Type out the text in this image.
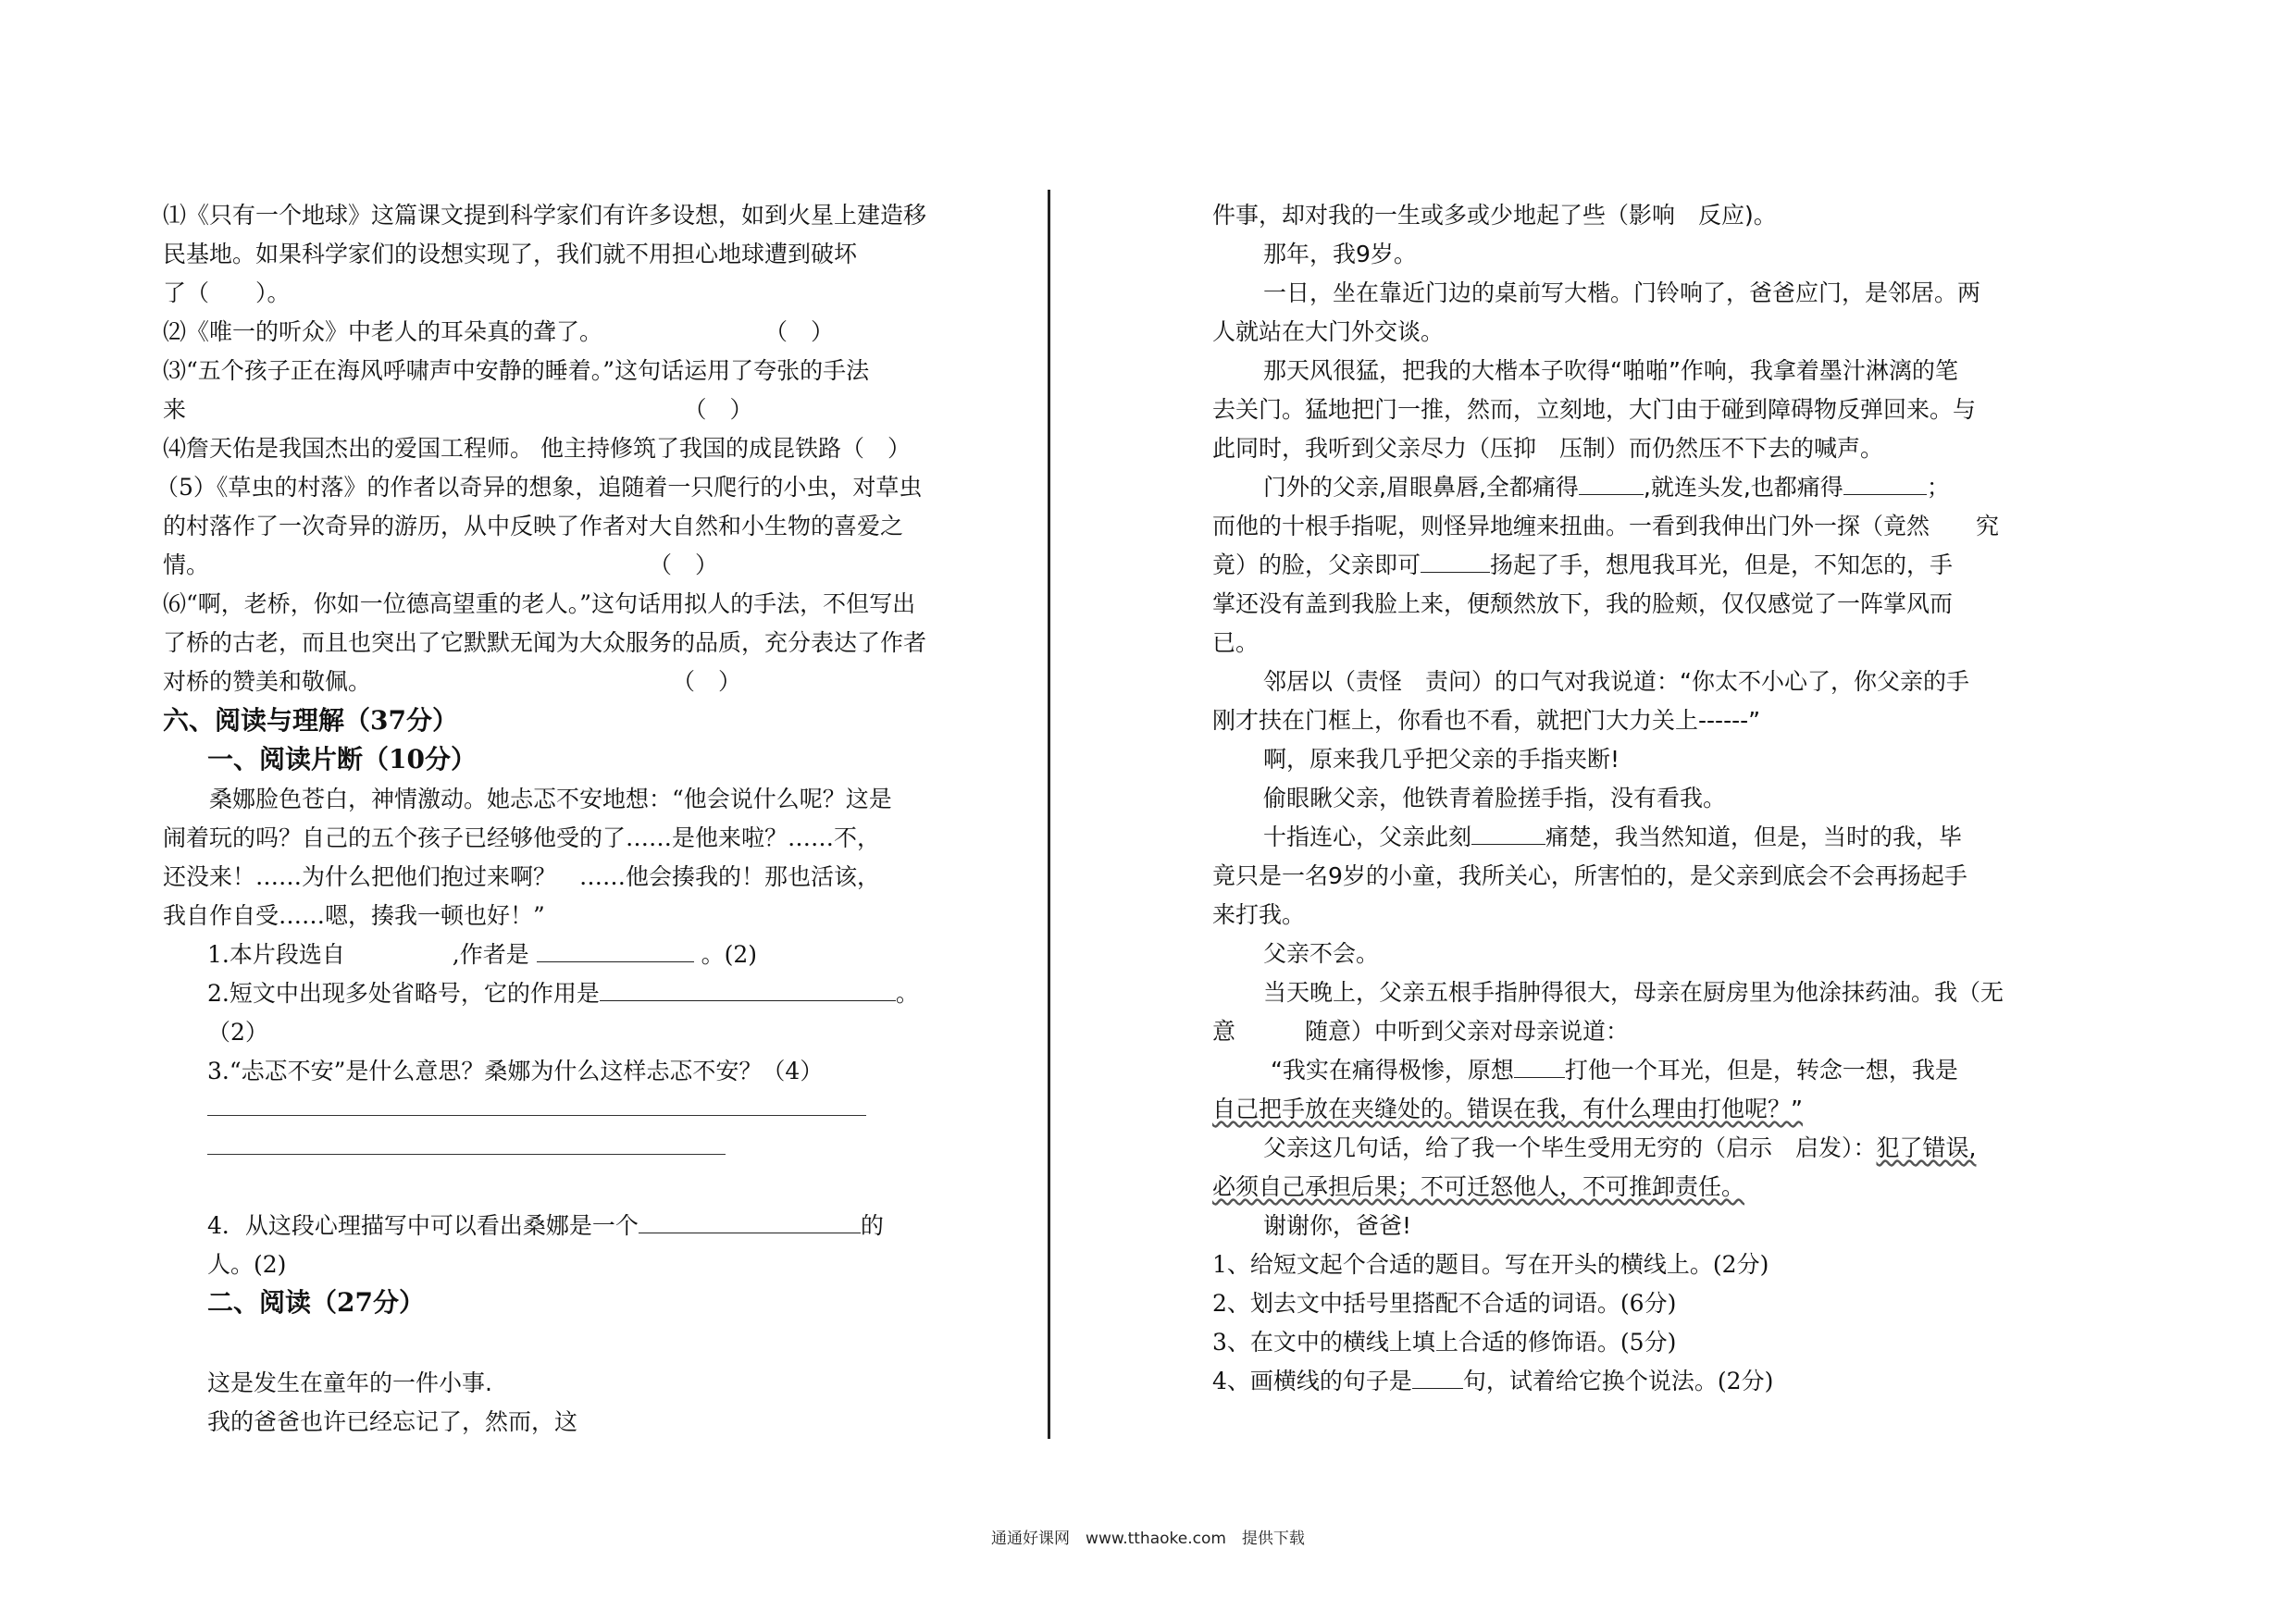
⑴《只有一个地球》这篇课文提到科学家们有许多设想，如到火星上建造移
民基地。如果科学家们的设想实现了，我们就不用担心地球遭到破坏
了（　　）。
⑵《唯一的听众》中老人的耳朵真的聋了。　　　　　　　　（　）
⑶“五个孩子正在海风呼啸声中安静的睡着。”这句话运用了夸张的手法
来　　　　　　　　　　　　　　　　　　　　　　（　）
⑷詹天佑是我国杰出的爱国工程师。 他主持修筑了我国的成昆铁路（　）
（5）《草虫的村落》的作者以奇异的想象，追随着一只爬行的小虫，对草虫
的村落作了一次奇异的游历，从中反映了作者对大自然和小生物的喜爱之
情。　　　　　　　　　　　　　　　　　　　　（　）
⑹“啊，老桥，你如一位德高望重的老人。”这句话用拟人的手法，不但写出
了桥的古老，而且也突出了它默默无闻为大众服务的品质，充分表达了作者
对桥的赞美和敬佩。　　　　　　　　　　　　　　（　）
六、阅读与理解（37分）
一、阅读片断（10分）
　　桑娜脸色苍白，神情激动。她忐忑不安地想：“他会说什么呢？这是
闹着玩的吗？自己的五个孩子已经够他受的了……是他来啦？……不，
还没来！……为什么把他们抱过来啊？　……他会揍我的！那也活该，
我自作自受……嗯，揍我一顿也好！”
1.本片段选自	,作者是	。(2)
2.短文中出现多处省略号，它的作用是	。
（2）
3.“忐忑不安”是什么意思？桑娜为什么这样忐忑不安？（4）
4．从这段心理描写中可以看出桑娜是一个	的
人。(2)
二、阅读（27分）
这是发生在童年的一件小事.
我的爸爸也许已经忘记了，然而，这
件事，却对我的一生或多或少地起了些（影响　反应)。
　那年，我9岁。
　一日，坐在靠近门边的桌前写大楷。门铃响了，爸爸应门，是邻居。两
人就站在大门外交谈。
　那天风很猛，把我的大楷本子吹得“啪啪”作响，我拿着墨汁淋漓的笔
去关门。猛地把门一推，然而，立刻地，大门由于碰到障碍物反弹回来。与
此同时，我听到父亲尽力（压抑　压制）而仍然压不下去的喊声。
　门外的父亲,眉眼鼻唇,全都痛得	,就连头发,也都痛得	；
而他的十根手指呢，则怪异地缠来扭曲。一看到我伸出门外一探（竟然　　究
竟）的脸，父亲即可	扬起了手，想甩我耳光，但是，不知怎的，手
掌还没有盖到我脸上来，便颓然放下，我的脸颊，仅仅感觉了一阵掌风而
已。
　邻居以（责怪　责问）的口气对我说道：“你太不小心了，你父亲的手
刚才扶在门框上，你看也不看，就把门大力关上------”
　啊，原来我几乎把父亲的手指夹断!
　偷眼瞅父亲，他铁青着脸搓手指，没有看我。
　十指连心，父亲此刻	痛楚，我当然知道，但是，当时的我，毕
竟只是一名9岁的小童，我所关心，所害怕的，是父亲到底会不会再扬起手
来打我。
　父亲不会。
　当天晚上，父亲五根手指肿得很大，母亲在厨房里为他涂抹药油。我（无
意　　　随意）中听到父亲对母亲说道：
　 “我实在痛得极惨，原想 打他一个耳光，但是，转念一想，我是
自己把手放在夹缝处的。错误在我，有什么理由打他呢？”
　父亲这几句话，给了我一个毕生受用无穷的（启示　启发）：犯了错误,
必须自己承担后果；不可迁怒他人，不可推卸责任。
　谢谢你，爸爸!
1、给短文起个合适的题目。写在开头的横线上。(2分)
2、划去文中括号里搭配不合适的词语。(6分)
3、在文中的横线上填上合适的修饰语。(5分)
4、画横线的句子是 句，试着给它换个说法。(2分)
通通好课网　www.tthaoke.com　提供下载
